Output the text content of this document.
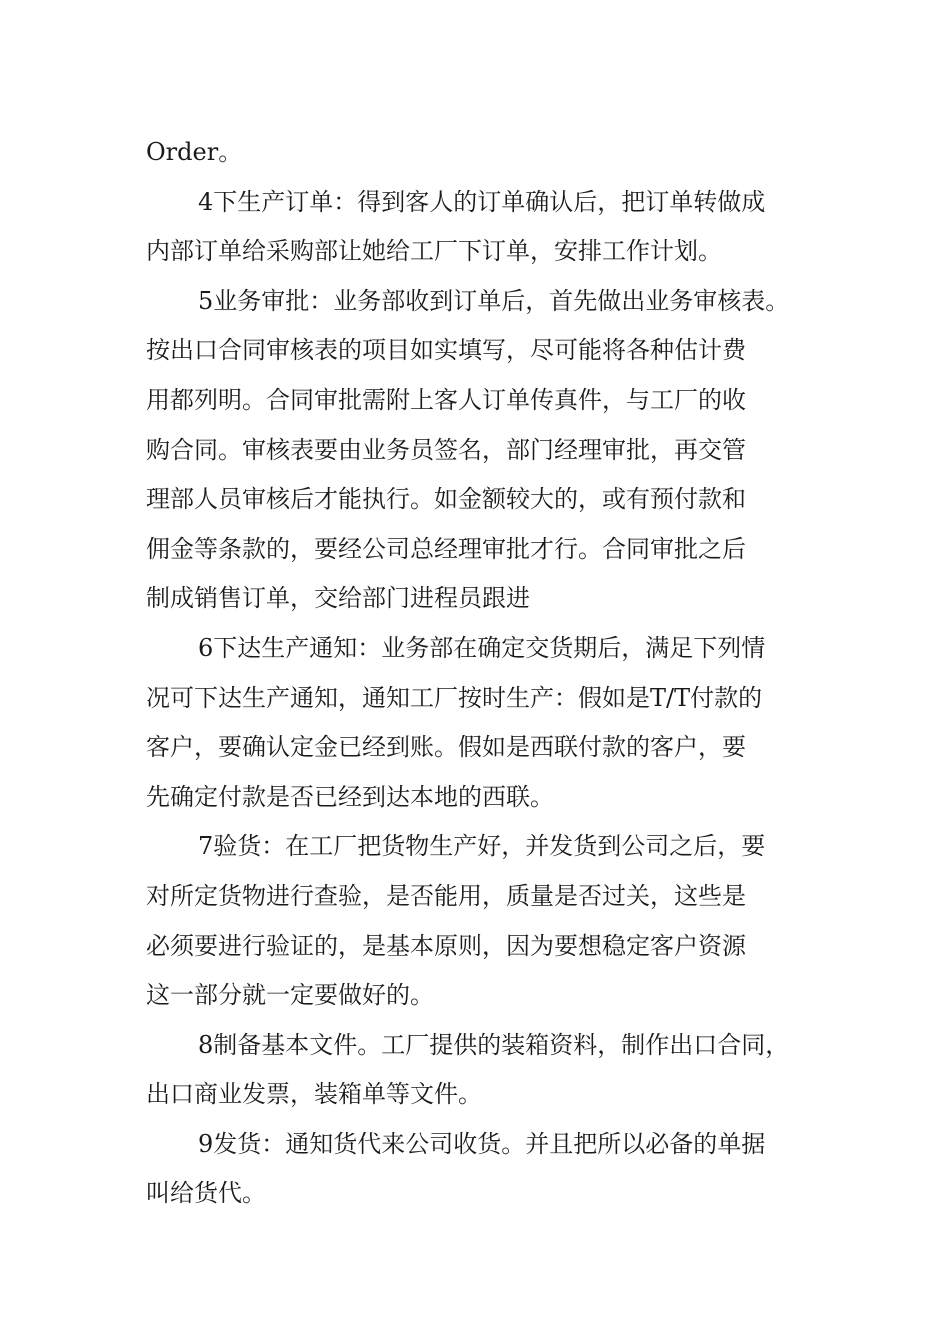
Order。
4下生产订单：得到客人的订单确认后，把订单转做成
内部订单给采购部让她给工厂下订单，安排工作计划。
5业务审批：业务部收到订单后，首先做出业务审核表。
按出口合同审核表的项目如实填写，尽可能将各种估计费
用都列明。合同审批需附上客人订单传真件，与工厂的收
购合同。审核表要由业务员签名，部门经理审批，再交管
理部人员审核后才能执行。如金额较大的，或有预付款和
佣金等条款的，要经公司总经理审批才行。合同审批之后
制成销售订单，交给部门进程员跟进
6下达生产通知：业务部在确定交货期后，满足下列情
况可下达生产通知，通知工厂按时生产：假如是T/T付款的
客户，要确认定金已经到账。假如是西联付款的客户，要
先确定付款是否已经到达本地的西联。
7验货：在工厂把货物生产好，并发货到公司之后，要
对所定货物进行查验，是否能用，质量是否过关，这些是
必须要进行验证的，是基本原则，因为要想稳定客户资源
这一部分就一定要做好的。
8制备基本文件。工厂提供的装箱资料，制作出口合同，
出口商业发票，装箱单等文件。
9发货：通知货代来公司收货。并且把所以必备的单据
叫给货代。
